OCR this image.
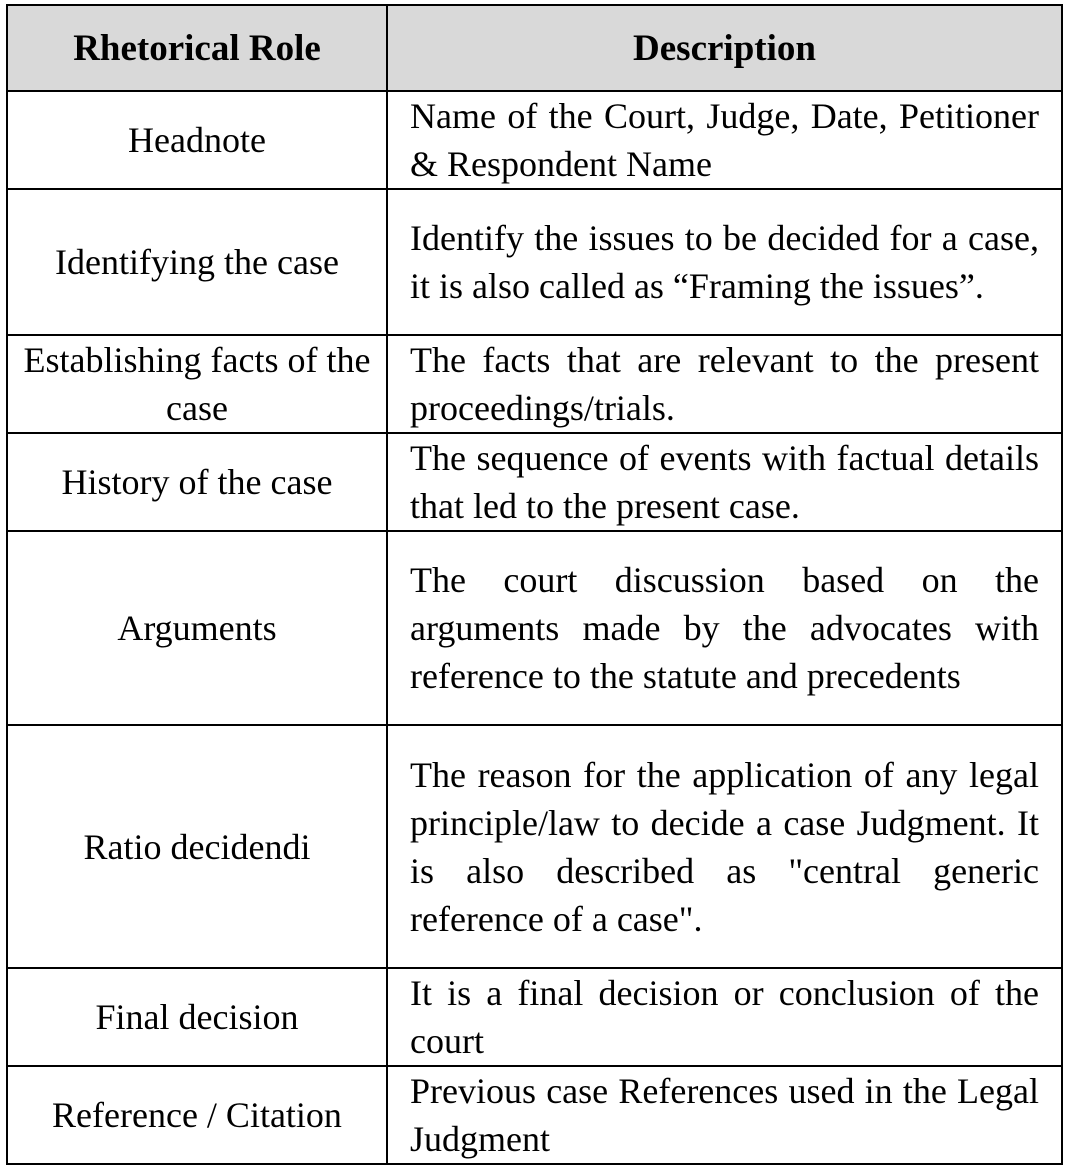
Rhetorical Role	Description
Headnote	Name of the Court, Judge, Date, Petitioner & Respondent Name
Identifying the case	Identify the issues to be decided for a case, it is also called as “Framing the issues”.
Establishing facts of the case	The facts that are relevant to the present proceedings/trials.
History of the case	The sequence of events with factual details that led to the present case.
Arguments	The court discussion based on the arguments made by the advocates with reference to the statute and precedents
Ratio decidendi	The reason for the application of any legal principle/law to decide a case Judgment. It is also described as "central generic reference of a case".
Final decision	It is a final decision or conclusion of the court
Reference / Citation	Previous case References used in the Legal Judgment
